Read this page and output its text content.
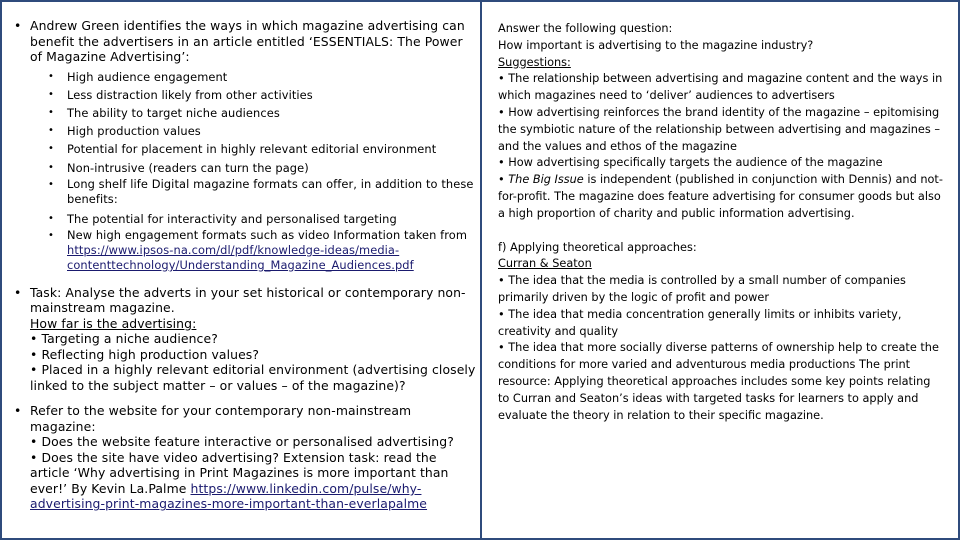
• Andrew Green identifies the ways in which magazine advertising can benefit the advertisers in an article entitled ‘ESSENTIALS: The Power of Magazine Advertising’:

• High audience engagement
• Less distraction likely from other activities
• The ability to target niche audiences
• High production values
• Potential for placement in highly relevant editorial environment
• Non-intrusive (readers can turn the page)
• Long shelf life Digital magazine formats can offer, in addition to these benefits:
• The potential for interactivity and personalised targeting
• New high engagement formats such as video Information taken from https://www.ipsos-na.com/dl/pdf/knowledge-ideas/media-contenttechnology/Understanding_Magazine_Audiences.pdf
• Task: Analyse the adverts in your set historical or contemporary non-mainstream magazine.
How far is the advertising:
• Targeting a niche audience?
• Reflecting high production values?
• Placed in a highly relevant editorial environment (advertising closely linked to the subject matter – or values – of the magazine)?
• Refer to the website for your contemporary non-mainstream magazine:
• Does the website feature interactive or personalised advertising?
• Does the site have video advertising? Extension task: read the article ‘Why advertising in Print Magazines is more important than ever!’ By Kevin La.Palme https://www.linkedin.com/pulse/why-advertising-print-magazines-more-important-than-everlapalme

Answer the following question:

How important is advertising to the magazine industry?

Suggestions:

• The relationship between advertising and magazine content and the ways in which magazines need to ‘deliver’ audiences to advertisers

• How advertising reinforces the brand identity of the magazine – epitomising the symbiotic nature of the relationship between advertising and magazines – and the values and ethos of the magazine

• How advertising specifically targets the audience of the magazine

• The Big Issue is independent (published in conjunction with Dennis) and not-for-profit. The magazine does feature advertising for consumer goods but also a high proportion of charity and public information advertising.

f) Applying theoretical approaches:

Curran & Seaton

• The idea that the media is controlled by a small number of companies primarily driven by the logic of profit and power

• The idea that media concentration generally limits or inhibits variety, creativity and quality

• The idea that more socially diverse patterns of ownership help to create the conditions for more varied and adventurous media productions The print resource: Applying theoretical approaches includes some key points relating to Curran and Seaton’s ideas with targeted tasks for learners to apply and evaluate the theory in relation to their specific magazine.
